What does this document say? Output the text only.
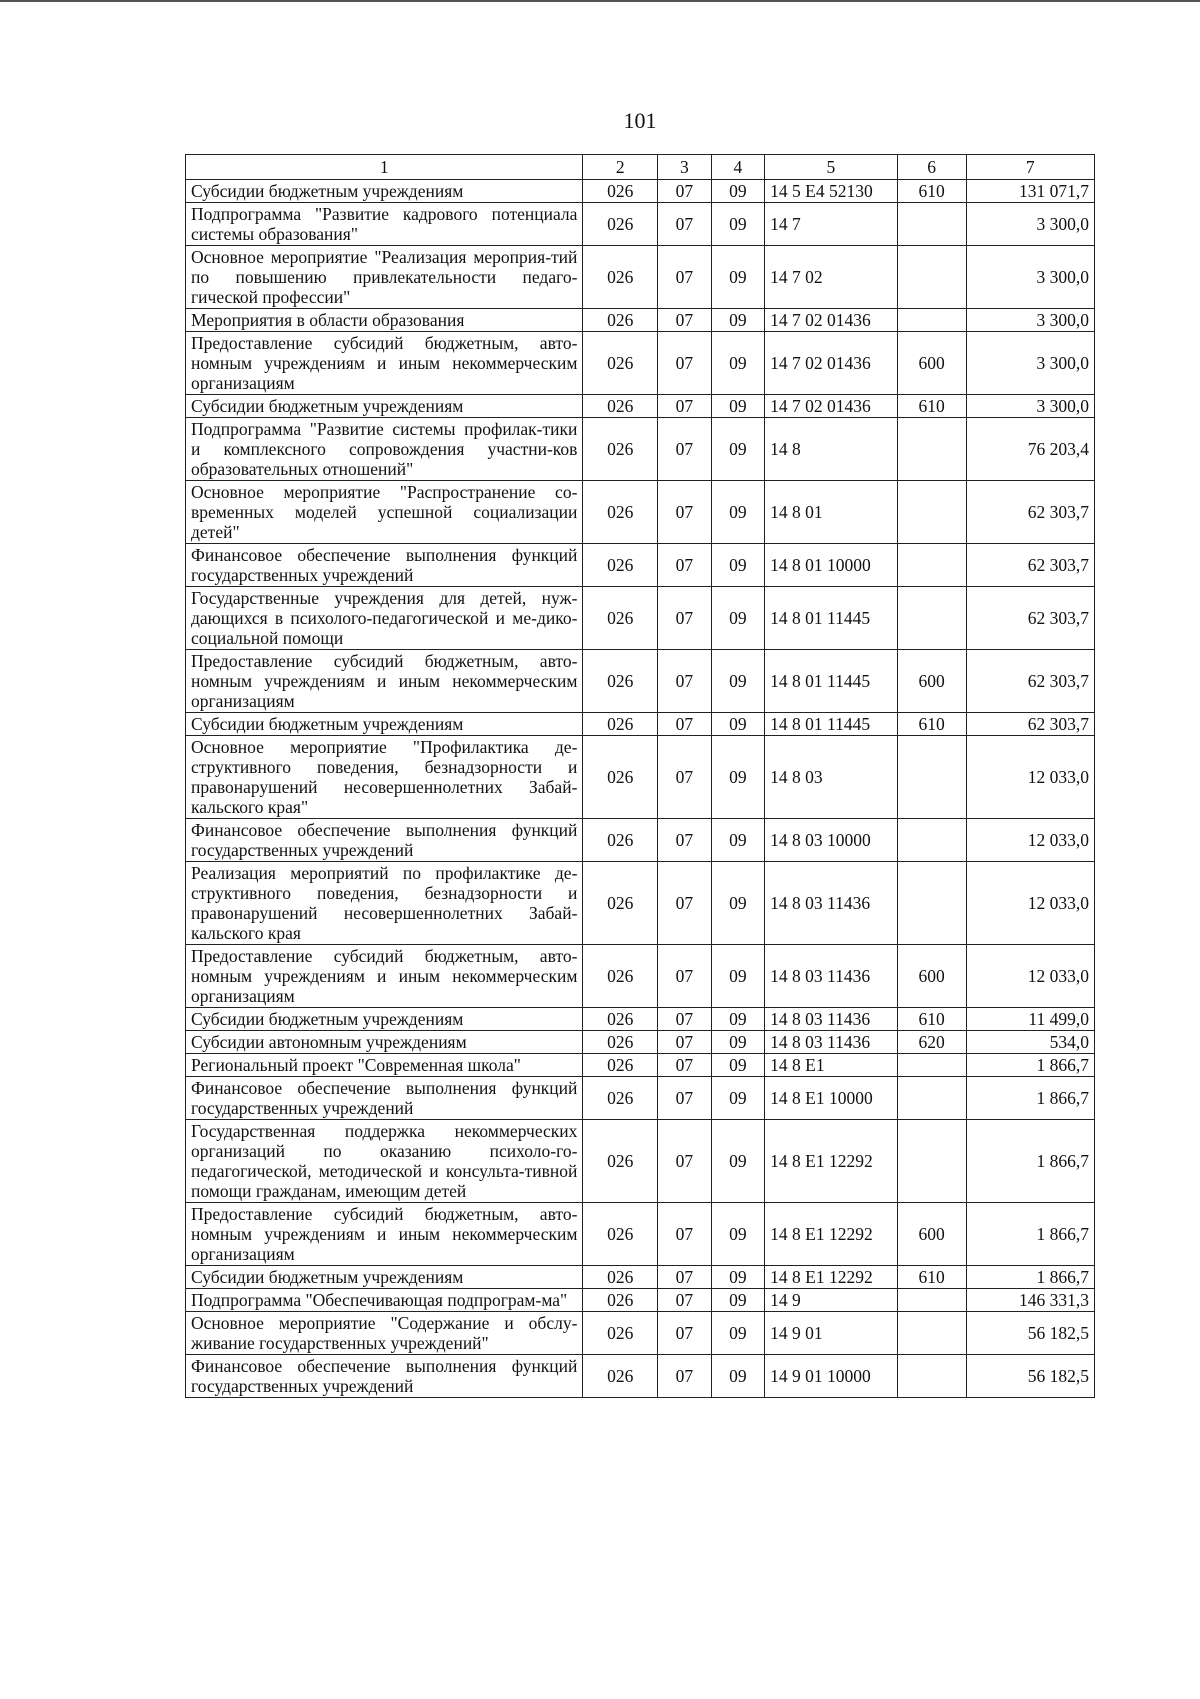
101
1	2	3	4	5	6	7
Субсидии бюджетным учреждениям	026	07	09	14 5 E4 52130	610	131 071,7
Подпрограмма "Развитие кадрового потенциала системы образования"	026	07	09	14 7		3 300,0
Основное мероприятие "Реализация мероприя-тий по повышению привлекательности педаго-гической профессии"	026	07	09	14 7 02		3 300,0
Мероприятия в области образования	026	07	09	14 7 02 01436		3 300,0
Предоставление субсидий бюджетным, авто-номным учреждениям и иным некоммерческим организациям	026	07	09	14 7 02 01436	600	3 300,0
Субсидии бюджетным учреждениям	026	07	09	14 7 02 01436	610	3 300,0
Подпрограмма "Развитие системы профилак-тики и комплексного сопровождения участни-ков образовательных отношений"	026	07	09	14 8		76 203,4
Основное мероприятие "Распространение со-временных моделей успешной социализации детей"	026	07	09	14 8 01		62 303,7
Финансовое обеспечение выполнения функций государственных учреждений	026	07	09	14 8 01 10000		62 303,7
Государственные учреждения для детей, нуж-дающихся в психолого-педагогической и ме-дико-социальной помощи	026	07	09	14 8 01 11445		62 303,7
Предоставление субсидий бюджетным, авто-номным учреждениям и иным некоммерческим организациям	026	07	09	14 8 01 11445	600	62 303,7
Субсидии бюджетным учреждениям	026	07	09	14 8 01 11445	610	62 303,7
Основное мероприятие "Профилактика де-структивного поведения, безнадзорности и правонарушений несовершеннолетних Забай-кальского края"	026	07	09	14 8 03		12 033,0
Финансовое обеспечение выполнения функций государственных учреждений	026	07	09	14 8 03 10000		12 033,0
Реализация мероприятий по профилактике де-структивного поведения, безнадзорности и правонарушений несовершеннолетних Забай-кальского края	026	07	09	14 8 03 11436		12 033,0
Предоставление субсидий бюджетным, авто-номным учреждениям и иным некоммерческим организациям	026	07	09	14 8 03 11436	600	12 033,0
Субсидии бюджетным учреждениям	026	07	09	14 8 03 11436	610	11 499,0
Субсидии автономным учреждениям	026	07	09	14 8 03 11436	620	534,0
Региональный проект "Современная школа"	026	07	09	14 8 E1		1 866,7
Финансовое обеспечение выполнения функций государственных учреждений	026	07	09	14 8 E1 10000		1 866,7
Государственная поддержка некоммерческих организаций по оказанию психоло-го-педагогической, методической и консульта-тивной помощи гражданам, имеющим детей	026	07	09	14 8 E1 12292		1 866,7
Предоставление субсидий бюджетным, авто-номным учреждениям и иным некоммерческим организациям	026	07	09	14 8 E1 12292	600	1 866,7
Субсидии бюджетным учреждениям	026	07	09	14 8 E1 12292	610	1 866,7
Подпрограмма "Обеспечивающая подпрограм-ма"	026	07	09	14 9		146 331,3
Основное мероприятие "Содержание и обслу-живание государственных учреждений"	026	07	09	14 9 01		56 182,5
Финансовое обеспечение выполнения функций государственных учреждений	026	07	09	14 9 01 10000		56 182,5
